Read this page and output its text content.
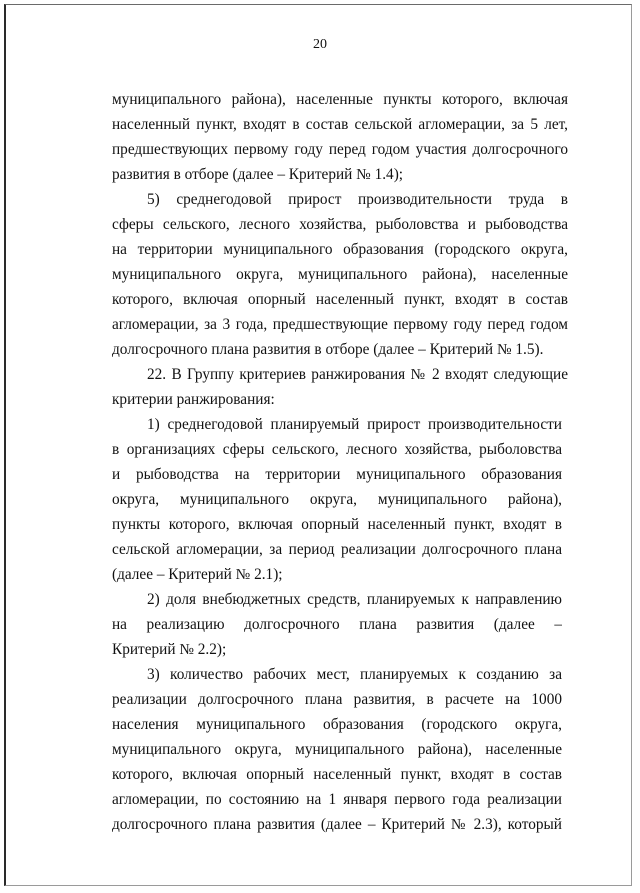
20
муниципального района), населенные пункты которого, включая
населенный пункт, входят в состав сельской агломерации, за 5 лет,
предшествующих первому году перед годом участия долгосрочного
развития в отборе (далее – Критерий № 1.4);
5) среднегодовой прирост производительности труда в
сферы сельского, лесного хозяйства, рыболовства и рыбоводства
на территории муниципального образования (городского округа,
муниципального округа, муниципального района), населенные
которого, включая опорный населенный пункт, входят в состав
агломерации, за 3 года, предшествующие первому году перед годом
долгосрочного плана развития в отборе (далее – Критерий № 1.5).
22. В Группу критериев ранжирования № 2 входят следующие
критерии ранжирования:
1) среднегодовой планируемый прирост производительности
в организациях сферы сельского, лесного хозяйства, рыболовства
и рыбоводства на территории муниципального образования
округа, муниципального округа, муниципального района),
пункты которого, включая опорный населенный пункт, входят в
сельской агломерации, за период реализации долгосрочного плана
(далее – Критерий № 2.1);
2) доля внебюджетных средств, планируемых к направлению
на реализацию долгосрочного плана развития (далее –
Критерий № 2.2);
3) количество рабочих мест, планируемых к созданию за
реализации долгосрочного плана развития, в расчете на 1000
населения муниципального образования (городского округа,
муниципального округа, муниципального района), населенные
которого, включая опорный населенный пункт, входят в состав
агломерации, по состоянию на 1 января первого года реализации
долгосрочного плана развития (далее – Критерий № 2.3), который
